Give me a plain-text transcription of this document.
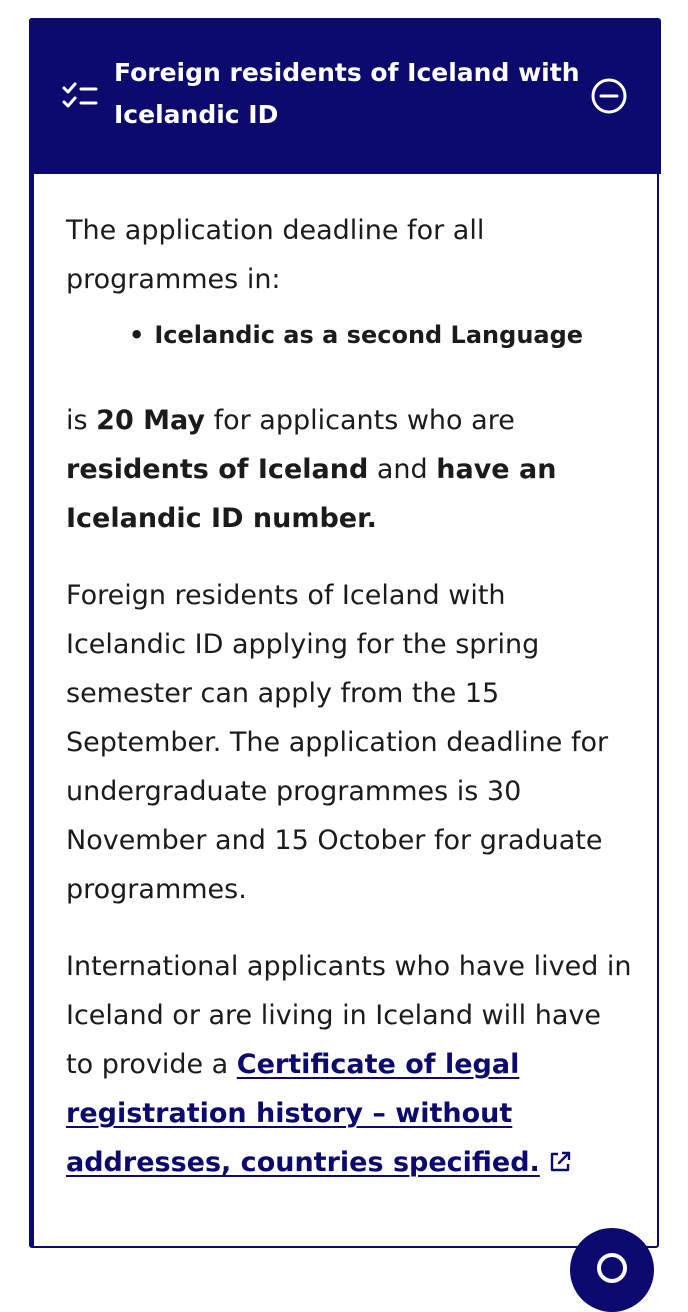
Foreign residents of Iceland with Icelandic ID

The application deadline for all programmes in:

• Icelandic as a second Language

is 20 May for applicants who are residents of Iceland and have an Icelandic ID number.

Foreign residents of Iceland with Icelandic ID applying for the spring semester can apply from the 15 September. The application deadline for undergraduate programmes is 30 November and 15 October for graduate programmes.

International applicants who have lived in Iceland or are living in Iceland will have to provide a Certificate of legal registration history – without addresses, countries specified.
